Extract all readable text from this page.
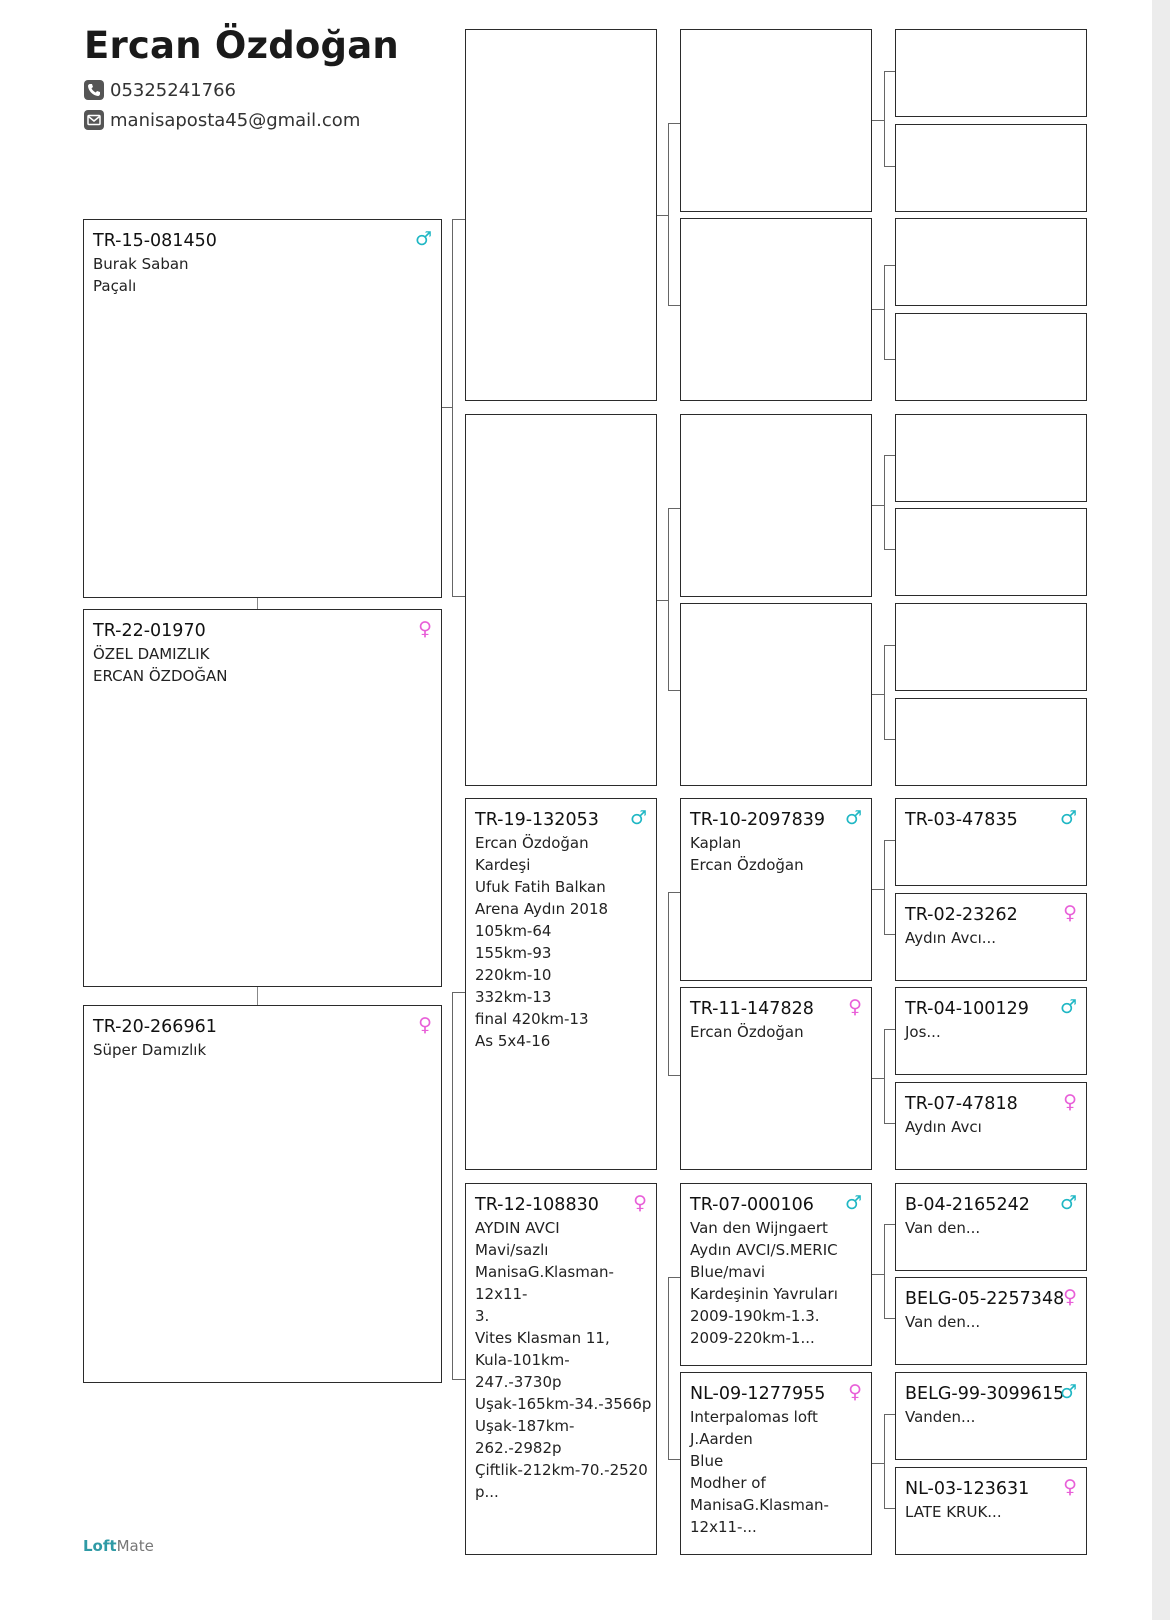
Ercan Özdoğan
05325241766
manisaposta45@gmail.com
TR-15-081450	♂
Burak Saban
Paçalı
TR-22-01970	♀
ÖZEL DAMIZLIK
ERCAN ÖZDOĞAN
TR-20-266961	♀
Süper Damızlık
TR-19-132053	♂
Ercan Özdoğan
Kardeşi
Ufuk Fatih Balkan
Arena Aydın 2018
105km-64
155km-93
220km-10
332km-13
final 420km-13
As 5x4-16
TR-12-108830	♀
AYDIN AVCI
Mavi/sazlı
ManisaG.Klasman-
12x11-
3.
Vites Klasman 11,
Kula-101km-
247.-3730p
Uşak-165km-34.-3566p
Uşak-187km-
262.-2982p
Çiftlik-212km-70.-2520
p...
TR-10-2097839	♂
Kaplan
Ercan Özdoğan
TR-11-147828	♀
Ercan Özdoğan
TR-07-000106	♂
Van den Wijngaert
Aydın AVCI/S.MERIC
Blue/mavi
Kardeşinin Yavruları
2009-190km-1.3.
2009-220km-1...
NL-09-1277955	♀
Interpalomas loft
J.Aarden
Blue
Modher of
ManisaG.Klasman-
12x11-...
TR-03-47835	♂
TR-02-23262	♀
Aydın Avcı...
TR-04-100129	♂
Jos...
TR-07-47818	♀
Aydın Avcı
B-04-2165242	♂
Van den...
BELG-05-2257348
♀
Van den...
BELG-99-3099615
♂
Vanden...
NL-03-123631	♀
LATE KRUK...
LoftMate
